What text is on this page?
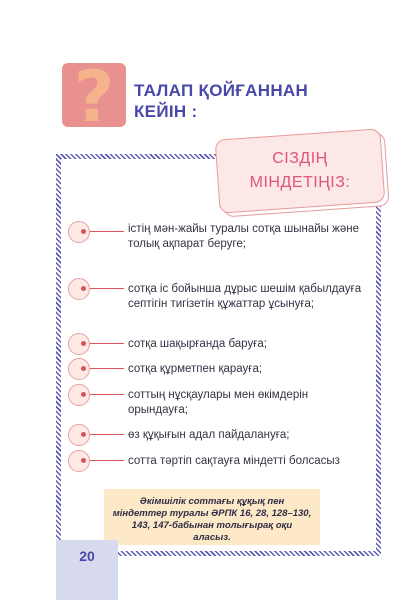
?	ТАЛАП ҚОЙҒАННАН КЕЙІН :
СІЗДІҢ
МІНДЕТІҢІЗ:
істің мән-жайы туралы сотқа шынайы және толық ақпарат беруге;
сотқа іс бойынша дұрыс шешім қабылдауға септігін тигізетін құжаттар ұсынуға;
сотқа шақырғанда баруға;
сотқа құрметпен қарауға;
соттың нұсқаулары мен өкімдерін орындауға;
өз құқығын адал пайдалануға;
сотта тәртіп сақтауға міндетті болсасыз
Әкімшілік соттағы құқық пен міндеттер туралы ӘРПК 16, 28, 128–130, 143, 147-бабынан толығырақ оқи аласыз.
20
